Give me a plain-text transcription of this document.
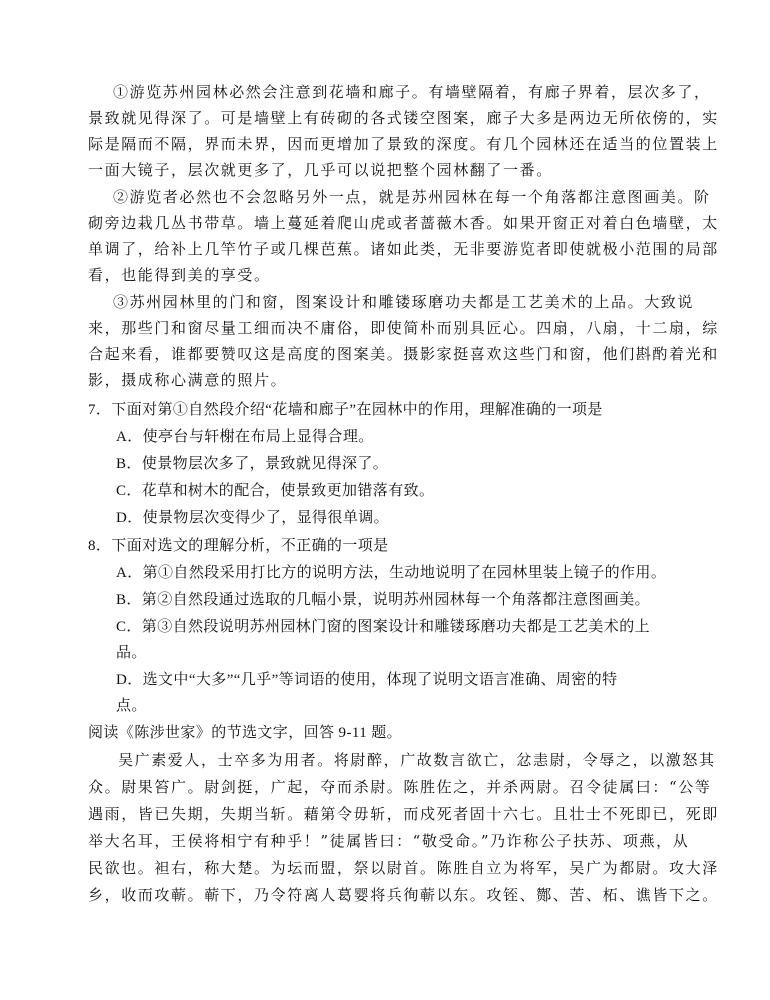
①游览苏州园林必然会注意到花墙和廊子。有墙壁隔着，有廊子界着，层次多了，
景致就见得深了。可是墙壁上有砖砌的各式镂空图案，廊子大多是两边无所依傍的，实
际是隔而不隔，界而未界，因而更增加了景致的深度。有几个园林还在适当的位置装上
一面大镜子，层次就更多了，几乎可以说把整个园林翻了一番。
②游览者必然也不会忽略另外一点，就是苏州园林在每一个角落都注意图画美。阶
砌旁边栽几丛书带草。墙上蔓延着爬山虎或者蔷薇木香。如果开窗正对着白色墙壁，太
单调了，给补上几竿竹子或几棵芭蕉。诸如此类，无非要游览者即使就极小范围的局部
看，也能得到美的享受。
③苏州园林里的门和窗，图案设计和雕镂琢磨功夫都是工艺美术的上品。大致说
来，那些门和窗尽量工细而决不庸俗，即使简朴而别具匠心。四扇，八扇，十二扇，综
合起来看，谁都要赞叹这是高度的图案美。摄影家挺喜欢这些门和窗，他们斟酌着光和
影，摄成称心满意的照片。
7．下面对第①自然段介绍“花墙和廊子”在园林中的作用，理解准确的一项是
A．使亭台与轩榭在布局上显得合理。
B．使景物层次多了，景致就见得深了。
C．花草和树木的配合，使景致更加错落有致。
D．使景物层次变得少了，显得很单调。
8．下面对选文的理解分析，不正确的一项是
A．第①自然段采用打比方的说明方法，生动地说明了在园林里装上镜子的作用。
B．第②自然段通过选取的几幅小景，说明苏州园林每一个角落都注意图画美。
C．第③自然段说明苏州园林门窗的图案设计和雕镂琢磨功夫都是工艺美术的上
品。
D．选文中“大多”“几乎”等词语的使用，体现了说明文语言准确、周密的特
点。
阅读《陈涉世家》的节选文字，回答 9-11 题。
吴广素爱人，士卒多为用者。将尉醉，广故数言欲亡，忿恚尉，令辱之，以激怒其
众。尉果笞广。尉剑挺，广起，夺而杀尉。陈胜佐之，并杀两尉。召令徒属曰：“公等
遇雨，皆已失期，失期当斩。藉第令毋斩，而戍死者固十六七。且壮士不死即已，死即
举大名耳，王侯将相宁有种乎！”徒属皆曰：“敬受命。”乃诈称公子扶苏、项燕，从
民欲也。袒右，称大楚。为坛而盟，祭以尉首。陈胜自立为将军，吴广为都尉。攻大泽
乡，收而攻蕲。蕲下，乃令符离人葛婴将兵徇蕲以东。攻铚、酂、苦、柘、谯皆下之。
